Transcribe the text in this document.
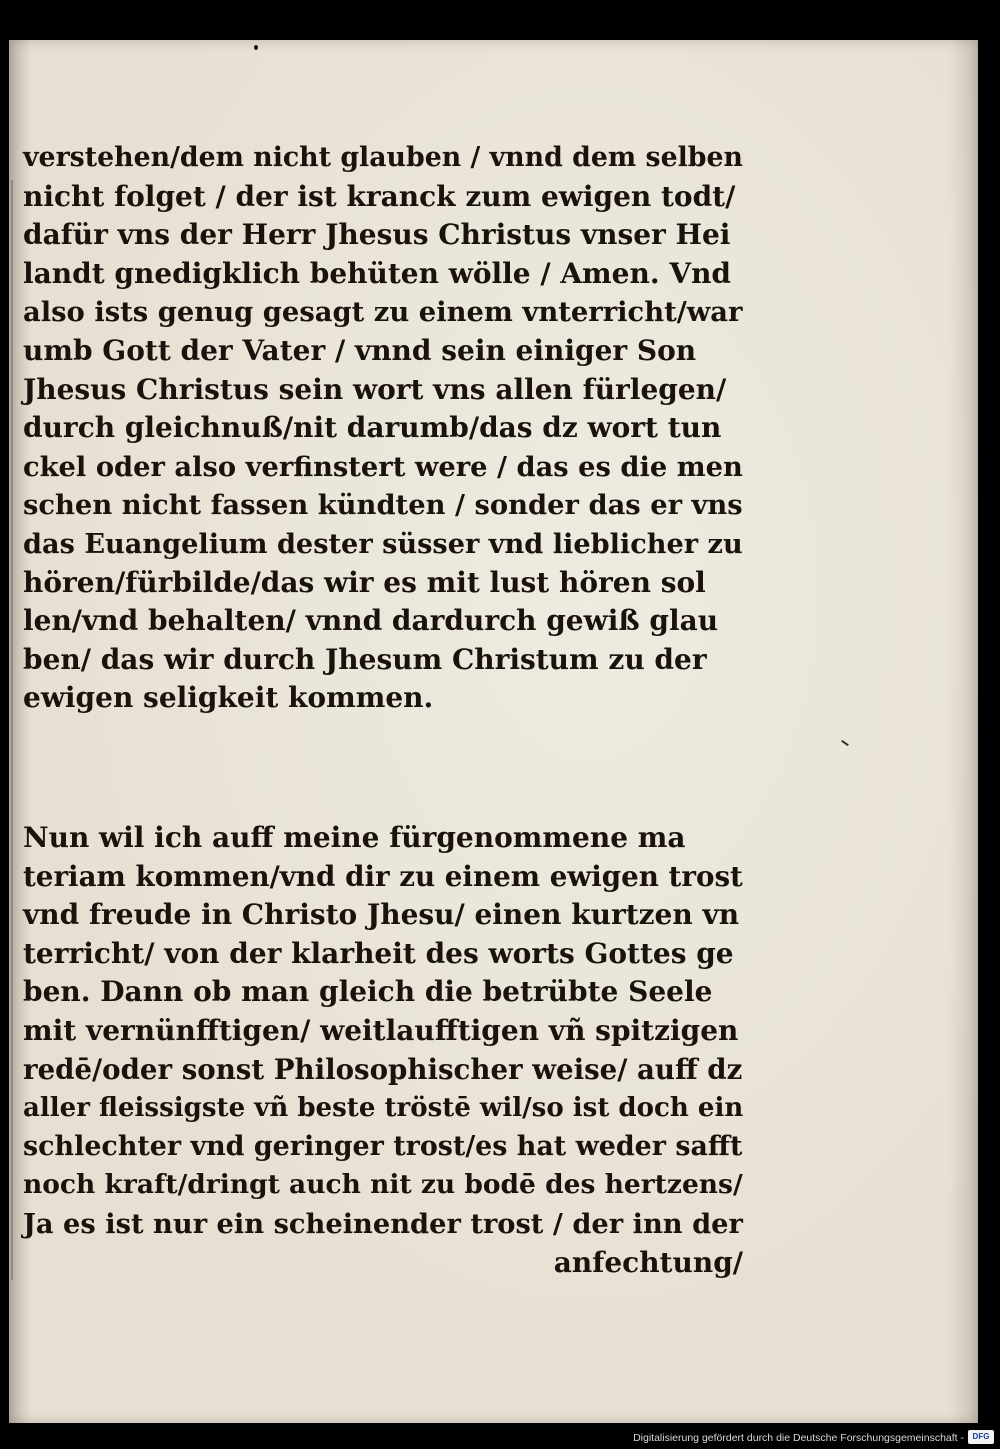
verstehen/dem nicht glauben / vnnd dem selben
nicht folget / der ist kranck zum ewigen todt/
dafür vns der Herr Jhesus Christus vnser Hei
landt gnedigklich behüten wölle / Amen. Vnd
also ists genug gesagt zu einem vnterricht/war
umb Gott der Vater / vnnd sein einiger Son
Jhesus Christus sein wort vns allen fürlegen/
durch gleichnuß/nit darumb/das dz wort tun
ckel oder also verfinstert were / das es die men
schen nicht fassen kündten / sonder das er vns
das Euangelium dester süsser vnd lieblicher zu
hören/fürbilde/das wir es mit lust hören sol
len/vnd behalten/ vnnd dardurch gewiß glau
ben/ das wir durch Jhesum Christum zu der
ewigen seligkeit kommen.
Nun wil ich auff meine fürgenommene ma
teriam kommen/vnd dir zu einem ewigen trost
vnd freude in Christo Jhesu/ einen kurtzen vn
terricht/ von der klarheit des worts Gottes ge
ben. Dann ob man gleich die betrübte Seele
mit vernünfftigen/ weitlaufftigen vñ spitzigen
redē/oder sonst Philosophischer weise/ auff dz
aller fleissigste vñ beste tröstē wil/so ist doch ein
schlechter vnd geringer trost/es hat weder safft
noch kraft/dringt auch nit zu bodē des hertzens/
Ja es ist nur ein scheinender trost / der inn der
anfechtung/
Digitalisierung gefördert durch die Deutsche Forschungsgemeinschaft -	DFG
